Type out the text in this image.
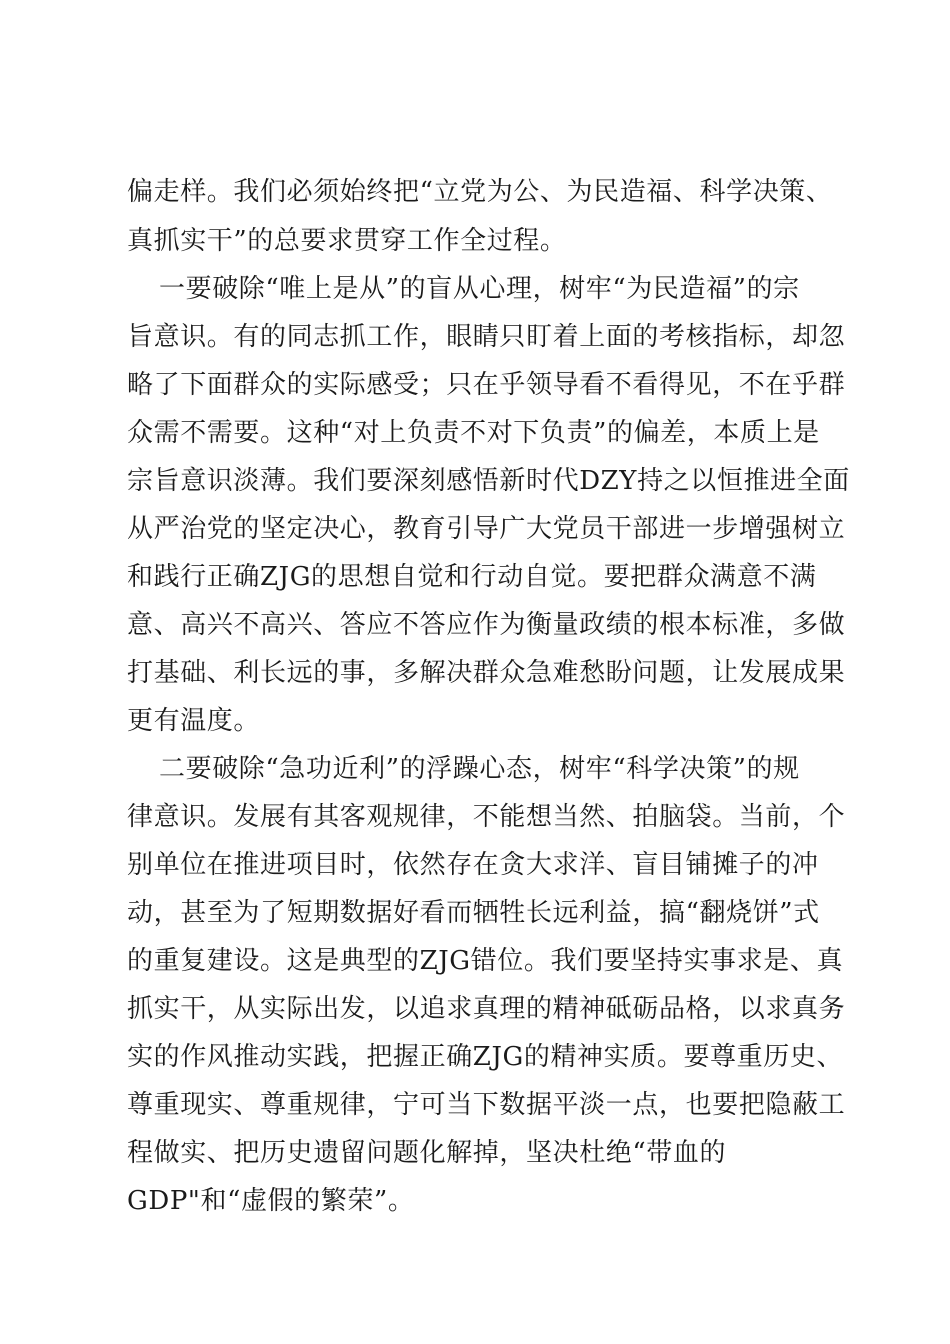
偏走样。我们必须始终把“立党为公、为民造福、科学决策、
真抓实干”的总要求贯穿工作全过程。
一要破除“唯上是从”的盲从心理，树牢“为民造福”的宗
旨意识。有的同志抓工作，眼睛只盯着上面的考核指标，却忽
略了下面群众的实际感受；只在乎领导看不看得见，不在乎群
众需不需要。这种“对上负责不对下负责”的偏差，本质上是
宗旨意识淡薄。我们要深刻感悟新时代DZY持之以恒推进全面
从严治党的坚定决心，教育引导广大党员干部进一步增强树立
和践行正确ZJG的思想自觉和行动自觉。要把群众满意不满
意、高兴不高兴、答应不答应作为衡量政绩的根本标准，多做
打基础、利长远的事，多解决群众急难愁盼问题，让发展成果
更有温度。
二要破除“急功近利”的浮躁心态，树牢“科学决策”的规
律意识。发展有其客观规律，不能想当然、拍脑袋。当前，个
别单位在推进项目时，依然存在贪大求洋、盲目铺摊子的冲
动，甚至为了短期数据好看而牺牲长远利益，搞“翻烧饼”式
的重复建设。这是典型的ZJG错位。我们要坚持实事求是、真
抓实干，从实际出发，以追求真理的精神砥砺品格，以求真务
实的作风推动实践，把握正确ZJG的精神实质。要尊重历史、
尊重现实、尊重规律，宁可当下数据平淡一点，也要把隐蔽工
程做实、把历史遗留问题化解掉，坚决杜绝“带血的
GDP"和“虚假的繁荣”。
